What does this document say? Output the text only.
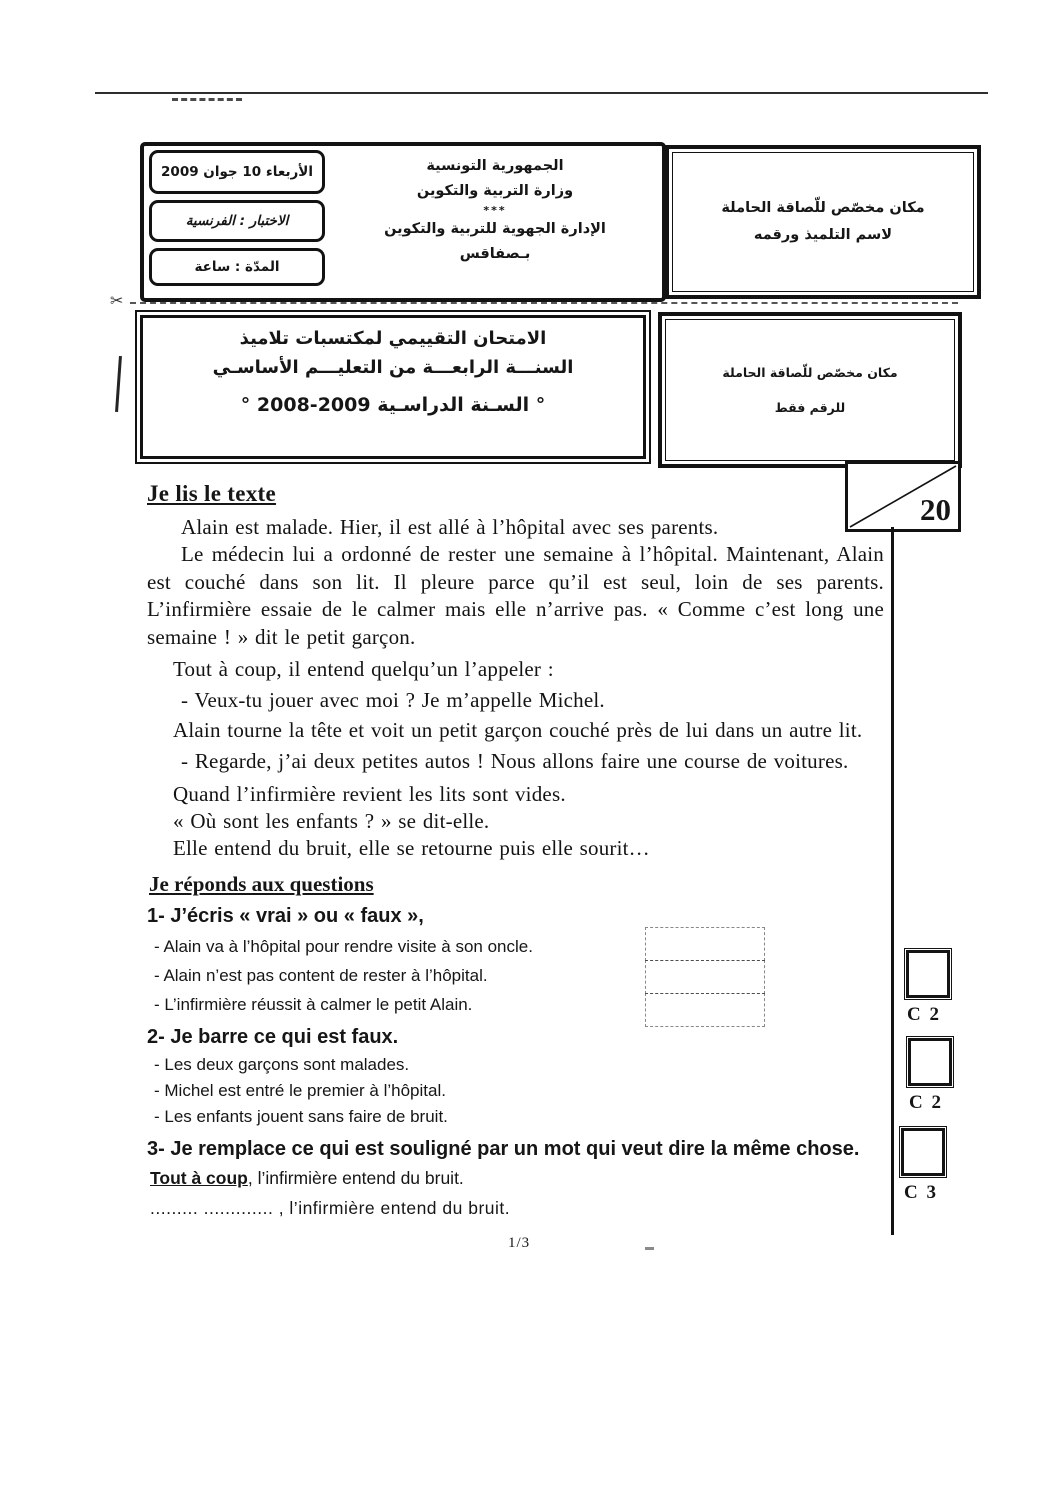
الأربعاء 10 جوان 2009
الاختبار : الفرنسية
المدّة : ساعة
الجمهورية التونسية
وزارة التربية والتكوين
***
الإدارة الجهوية للتربية والتكوين
بـصفاقس
مكان مخصّص للّصاقة الحاملة
لاسم التلميذ ورقمه
✂
الامتحان التقييمي لمكتسبات تلاميذ
السنـــة الرابعـــة من التعليـــم الأساسـي
° السـنة الدراسـية 2009-2008 °
مكان مخصّص للّصاقة الحاملة
للرقم فقط
20
Je lis le texte

Alain est malade. Hier, il est allé à l’hôpital avec ses parents.

Le médecin lui a ordonné de rester une semaine à l’hôpital. Maintenant, Alain est couché dans son lit. Il pleure parce qu’il est seul, loin de ses parents. L’infirmière essaie de le calmer mais elle n’arrive pas. « Comme c’est long une semaine ! » dit le petit garçon.

Tout à coup, il entend quelqu’un l’appeler :

- Veux-tu jouer avec moi ? Je m’appelle Michel.

Alain tourne la tête et voit un petit garçon couché près de lui dans un autre lit.

- Regarde, j’ai deux petites autos ! Nous allons faire une course de voitures.

Quand l’infirmière revient les lits sont vides.

« Où sont les enfants ? » se dit-elle.

Elle entend du bruit, elle se retourne puis elle sourit…

Je réponds aux questions
1- J’écris « vrai » ou « faux »,

- Alain va à l’hôpital pour rendre visite à son oncle.

- Alain n’est pas content de rester à l’hôpital.

- L’infirmière réussit à calmer le petit Alain.

2- Je barre ce qui est faux.

- Les deux garçons sont malades.

- Michel est entré le premier à l’hôpital.

- Les enfants jouent sans faire de bruit.

3- Je remplace ce qui est souligné par un mot qui veut dire la même chose.

Tout à coup, l’infirmière entend du bruit.

......... ............. , l’infirmière entend du bruit.

C 2
C 2
C 3
1/3
